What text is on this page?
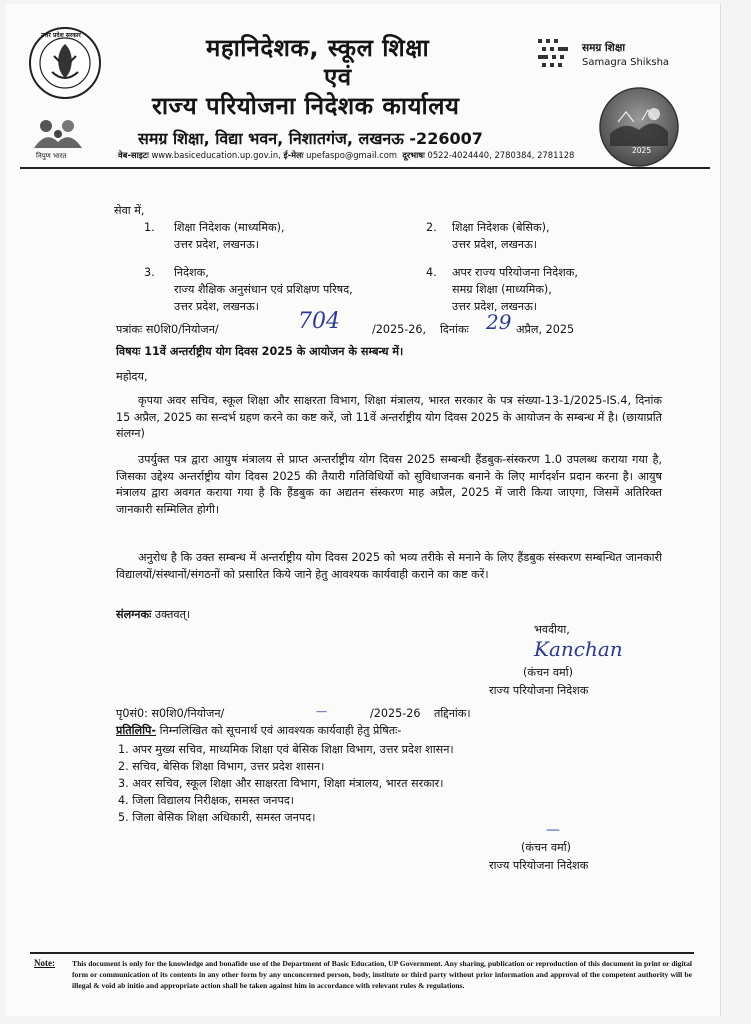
उत्तर प्रदेश सरकार
निपुण भारत
महानिदेशक, स्कूल शिक्षा
एवं
राज्य परियोजना निदेशक कार्यालय
समग्र शिक्षा, विद्या भवन, निशातगंज, लखनऊ -226007
वेब-साइटः www.basiceducation.up.gov.in, ई-मेलः upefaspo@gmail.com दूरभाषः 0522-4024440, 2780384, 2781128
समग्र शिक्षा
Samagra Shiksha
2025
सेवा में,
1. शिक्षा निदेशक (माध्यमिक),
उत्तर प्रदेश, लखनऊ।
2. शिक्षा निदेशक (बेसिक),
उत्तर प्रदेश, लखनऊ।
3. निदेशक,
राज्य शैक्षिक अनुसंधान एवं प्रशिक्षण परिषद,
उत्तर प्रदेश, लखनऊ।
4. अपर राज्य परियोजना निदेशक,
समग्र शिक्षा (माध्यमिक),
उत्तर प्रदेश, लखनऊ।
पत्रांकः स0शि0/नियोजन/	704	/2025-26, दिनांकः 29 अप्रैल, 2025
विषयः 11वें अन्तर्राष्ट्रीय योग दिवस 2025 के आयोजन के सम्बन्ध में।
महोदय,

कृपया अवर सचिव, स्कूल शिक्षा और साक्षरता विभाग, शिक्षा मंत्रालय, भारत सरकार के पत्र संख्या-13-1/2025-IS.4, दिनांक 15 अप्रैल, 2025 का सन्दर्भ ग्रहण करने का कष्ट करें, जो 11वें अन्तर्राष्ट्रीय योग दिवस 2025 के आयोजन के सम्बन्ध में है। (छायाप्रति संलग्न)

उपर्युक्त पत्र द्वारा आयुष मंत्रालय से प्राप्त अन्तर्राष्ट्रीय योग दिवस 2025 सम्बन्धी हैंडबुक-संस्करण 1.0 उपलब्ध कराया गया है, जिसका उद्देश्य अन्तर्राष्ट्रीय योग दिवस 2025 की तैयारी गतिविधियों को सुविधाजनक बनाने के लिए मार्गदर्शन प्रदान करना है। आयुष मंत्रालय द्वारा अवगत कराया गया है कि हैंडबुक का अद्यतन संस्करण माह अप्रैल, 2025 में जारी किया जाएगा, जिसमें अतिरिक्त जानकारी सम्मिलित होगी।

अनुरोध है कि उक्त सम्बन्ध में अन्तर्राष्ट्रीय योग दिवस 2025 को भव्य तरीके से मनाने के लिए हैंडबुक संस्करण सम्बन्धित जानकारी विद्यालयों/संस्थानों/संगठनों को प्रसारित किये जाने हेतु आवश्यक कार्यवाही कराने का कष्ट करें।

संलग्नकः उक्तवत्।
भवदीया,
Kanchan
(कंचन वर्मा)
राज्य परियोजना निदेशक
पृ0सं0: स0शि0/नियोजन/	—	/2025-26 तद्दिनांक।
प्रतिलिपि- निम्नलिखित को सूचनार्थ एवं आवश्यक कार्यवाही हेतु प्रेषितः-
1. अपर मुख्य सचिव, माध्यमिक शिक्षा एवं बेसिक शिक्षा विभाग, उत्तर प्रदेश शासन।
2. सचिव, बेसिक शिक्षा विभाग, उत्तर प्रदेश शासन।
3. अवर सचिव, स्कूल शिक्षा और साक्षरता विभाग, शिक्षा मंत्रालय, भारत सरकार।
4. जिला विद्यालय निरीक्षक, समस्त जनपद।
5. जिला बेसिक शिक्षा अधिकारी, समस्त जनपद।
—
(कंचन वर्मा)
राज्य परियोजना निदेशक
Note: This document is only for the knowledge and bonafide use of the Department of Basic Education, UP Government. Any sharing, publication or reproduction of this document in print or digital form or communication of its contents in any other form by any unconcerned person, body, institute or third party without prior information and approval of the competent authority will be illegal & void ab initio and appropriate action shall be taken against him in accordance with relevant rules & regulations.
